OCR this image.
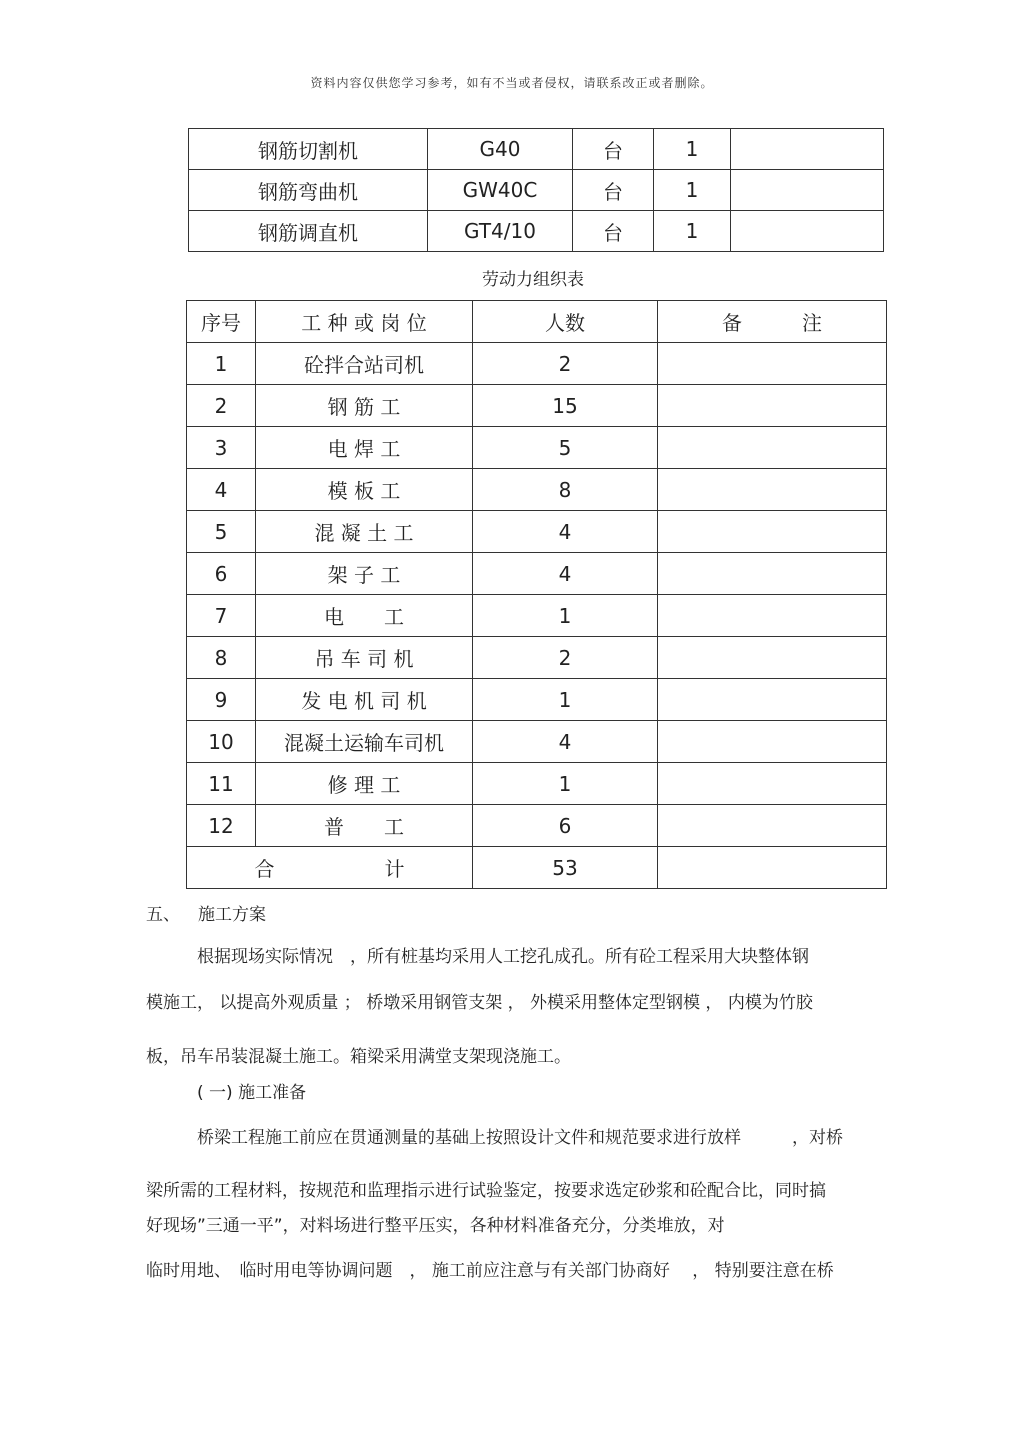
资料内容仅供您学习参考，如有不当或者侵权，请联系改正或者删除。
钢筋切割机	G40	台	1	
钢筋弯曲机	GW40C	台	1	
钢筋调直机	GT4/10	台	1	
劳动力组织表
序号	工 种 或 岗 位	人数	备 注
1	砼拌合站司机	2	
2	钢 筋 工	15	
3	电 焊 工	5	
4	模 板 工	8	
5	混 凝 土 工	4	
6	架 子 工	4	
7	电　　工	1	
8	吊 车 司 机	2	
9	发 电 机 司 机	1	
10	混凝土运输车司机	4	
11	修 理 工	1	
12	普　　工	6	
合 计		53	
五、 施工方案
根据现场实际情况　，所有桩基均采用人工挖孔成孔。所有砼工程采用大块整体钢
模施工， 以提高外观质量 ； 桥墩采用钢管支架 ， 外模采用整体定型钢模 ， 内模为竹胶
板，吊车吊装混凝土施工。箱梁采用满堂支架现浇施工。
( 一) 施工准备
桥梁工程施工前应在贯通测量的基础上按照设计文件和规范要求进行放样　　　，对桥
梁所需的工程材料，按规范和监理指示进行试验鉴定，按要求选定砂浆和砼配合比，同时搞
好现场”三通一平”，对料场进行整平压实，各种材料准备充分，分类堆放，对
临时用地、　临时用电等协调问题　， 施工前应注意与有关部门协商好　 ， 特别要注意在桥
